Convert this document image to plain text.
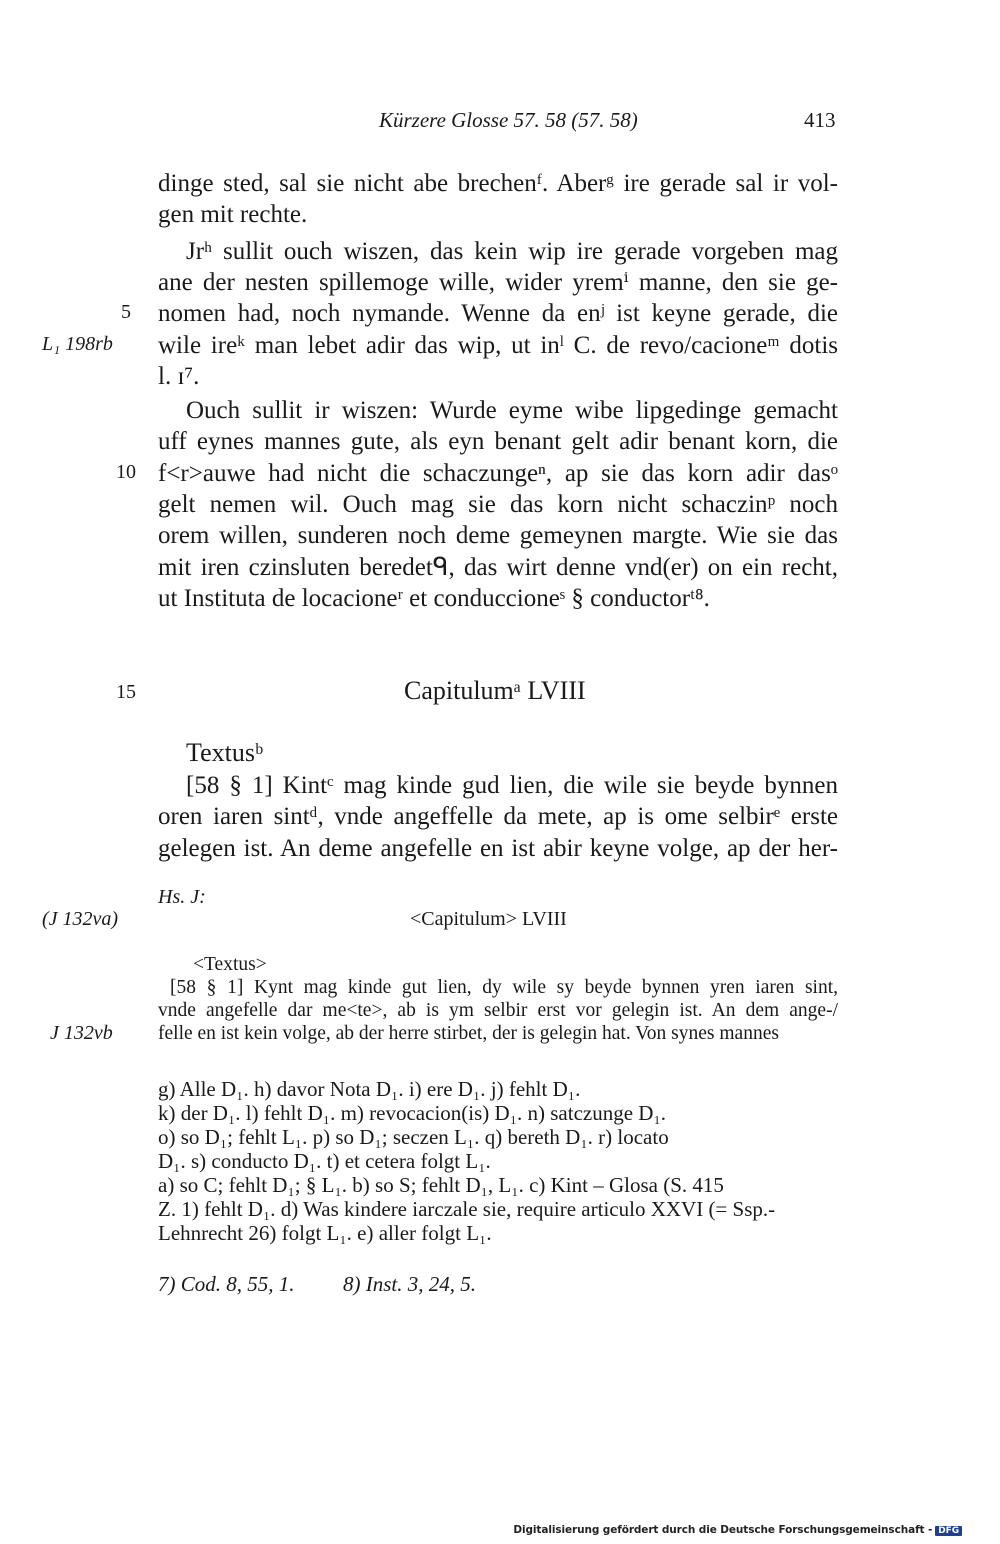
Kürzere Glosse 57. 58 (57. 58)	413
dinge sted, sal sie nicht abe brechenᶠ. Aberᵍ ire gerade sal ir vol-
gen mit rechte.
Jrʰ sullit ouch wiszen, das kein wip ire gerade vorgeben mag
ane der nesten spillemoge wille, wider yremⁱ manne, den sie ge-
nomen had, noch nymande. Wenne da enʲ ist keyne gerade, die
wile ireᵏ man lebet adir das wip, ut inˡ C. de revo/cacioneᵐ dotis
l. ɪ⁷.
Ouch sullit ir wiszen: Wurde eyme wibe lipgedinge gemacht
uff eynes mannes gute, als eyn benant gelt adir benant korn, die
f<r>auwe had nicht die schaczungeⁿ, ap sie das korn adir dasᵒ
gelt nemen wil. Ouch mag sie das korn nicht schaczinᵖ noch
orem willen, sunderen noch deme gemeynen margte. Wie sie das
mit iren czinsluten beredetᑫ, das wirt denne vnd(er) on ein recht,
ut Instituta de locacioneʳ et conduccioneˢ § conductorᵗ⁸.
5
10
15
L₁ 198rb
Capitulumᵃ LVIII
Textusᵇ
[58 § 1] Kintᶜ mag kinde gud lien, die wile sie beyde bynnen
oren iaren sintᵈ, vnde angeffelle da mete, ap is ome selbirᵉ erste
gelegen ist. An deme angefelle en ist abir keyne volge, ap der her-
Hs. J:
(J 132va)	<Capitulum> LVIII
<Textus>
[58 § 1] Kynt mag kinde gut lien, dy wile sy beyde bynnen yren iaren sint,
vnde angefelle dar me<te>, ab is ym selbir erst vor gelegin ist. An dem ange-/
felle en ist kein volge, ab der herre stirbet, der is gelegin hat. Von synes mannes
J 132vb
g) Alle D₁. h) davor Nota D₁. i) ere D₁. j) fehlt D₁.
k) der D₁. l) fehlt D₁. m) revocacion(is) D₁. n) satczunge D₁.
o) so D₁; fehlt L₁. p) so D₁; seczen L₁. q) bereth D₁. r) locato
D₁. s) conducto D₁. t) et cetera folgt L₁.
a) so C; fehlt D₁; § L₁. b) so S; fehlt D₁, L₁. c) Kint – Glosa (S. 415
Z. 1) fehlt D₁. d) Was kindere iarczale sie, require articulo XXVI (= Ssp.-
Lehnrecht 26) folgt L₁. e) aller folgt L₁.
7) Cod. 8, 55, 1. 8) Inst. 3, 24, 5.
Digitalisierung gefördert durch die Deutsche Forschungsgemeinschaft - DFG
